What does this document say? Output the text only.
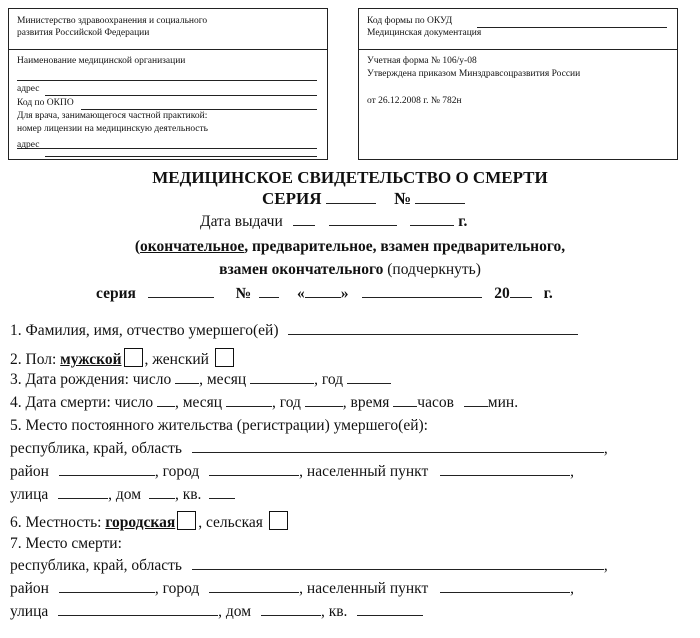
Министерство здравоохранения и социального
развития Российской Федерации
Наименование медицинской организации
адрес
Код по ОКПО
Для врача, занимающегося частной практикой:
номер лицензии на медицинскую деятельность
адрес
Код формы по ОКУД
Медицинская документация
Учетная форма № 106/у-08
Утверждена приказом Минздравсоцразвития России
от 26.12.2008 г. № 782н
МЕДИЦИНСКОЕ СВИДЕТЕЛЬСТВО О СМЕРТИ
СЕРИЯ	№
Дата выдачи	г.
(окончательное, предварительное, взамен предварительного,
взамен окончательного (подчеркнуть)
серия	№	« »	20 г.
1. Фамилия, имя, отчество умершего(ей)
2. Пол: мужской , женский
3. Дата рождения: число , месяц	, год
4. Дата смерти: число , месяц	, год	, время часов мин.
5. Место постоянного жительства (регистрации) умершего(ей):
республика, край, область	,
район	, город	, населенный пункт	,
улица	, дом , кв.
6. Местность: городская , сельская
7. Место смерти:
республика, край, область	,
район	, город	, населенный пункт	,
улица	, дом	, кв.
